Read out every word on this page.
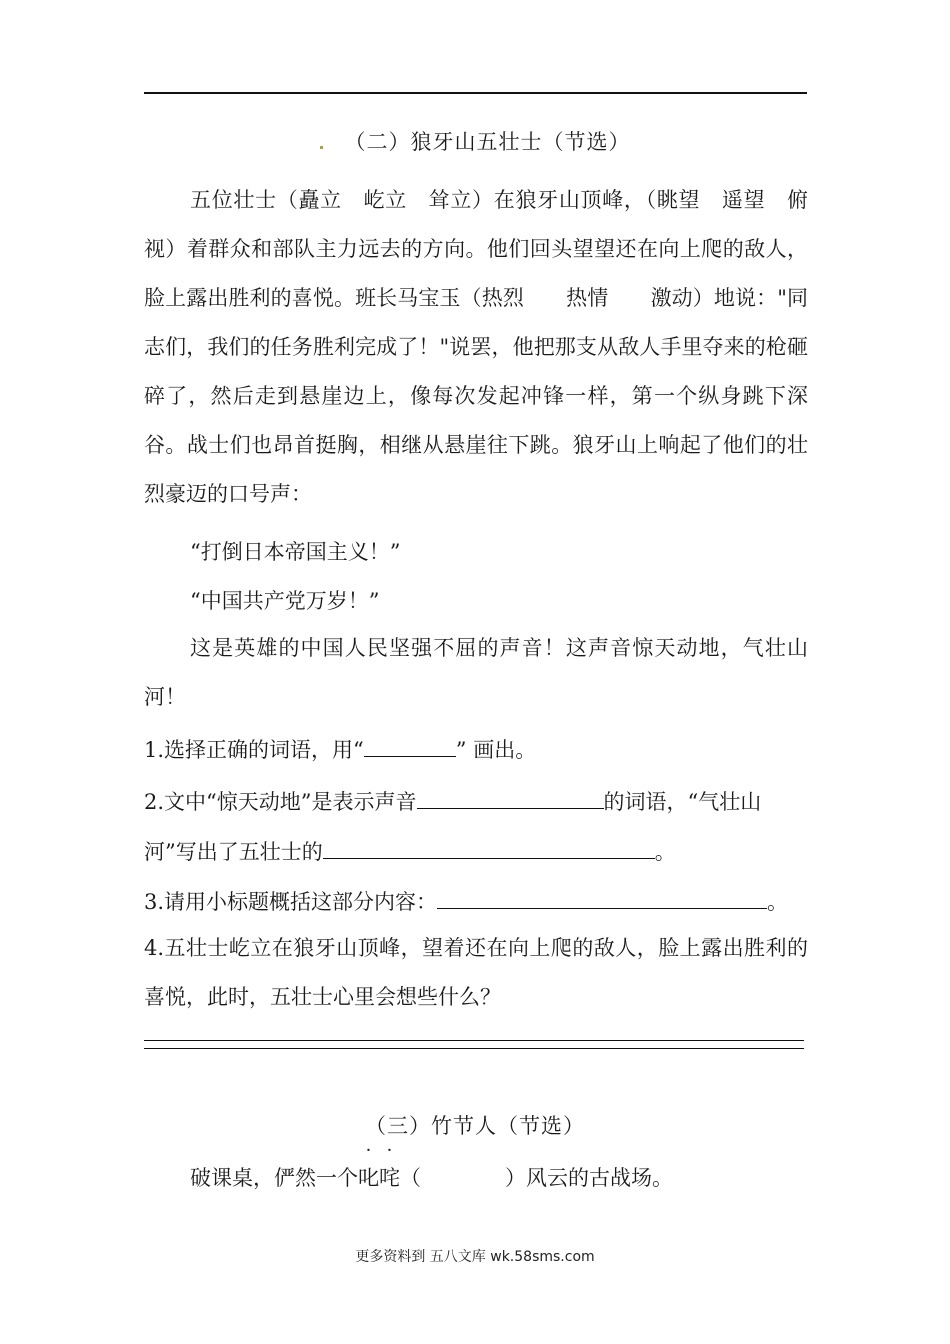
（二）狼牙山五壮士（节选）
五位壮士（矗立　屹立　耸立）在狼牙山顶峰，（眺望　遥望　俯视）着群众和部队主力远去的方向。他们回头望望还在向上爬的敌人，脸上露出胜利的喜悦。班长马宝玉（热烈　　热情　　激动）地说："同志们，我们的任务胜利完成了！"说罢，他把那支从敌人手里夺来的枪砸碎了，然后走到悬崖边上，像每次发起冲锋一样，第一个纵身跳下深谷。战士们也昂首挺胸，相继从悬崖往下跳。狼牙山上响起了他们的壮烈豪迈的口号声：
“打倒日本帝国主义！”
“中国共产党万岁！”
这是英雄的中国人民坚强不屈的声音！这声音惊天动地，气壮山河！
1.选择正确的词语，用“	” 画出。
2.文中“惊天动地”是表示声音	的词语，“气壮山
河”写出了五壮士的	。
3.请用小标题概括这部分内容：	。
4.五壮士屹立在狼牙山顶峰，望着还在向上爬的敌人，脸上露出胜利的喜悦，此时，五壮士心里会想些什么？
（三）竹节人（节选）
破课桌，俨然一个叱咤（	）风云的古战场。
更多资料到 五八文库 wk.58sms.com
